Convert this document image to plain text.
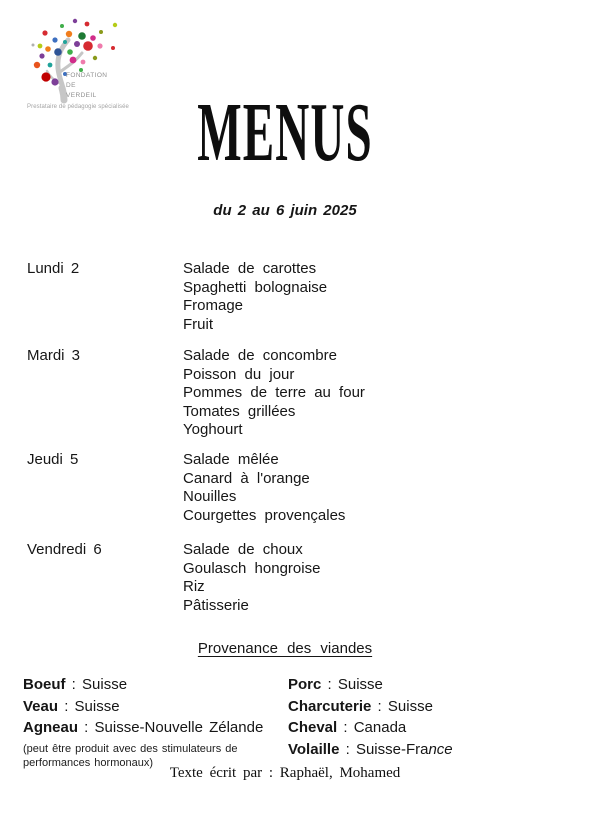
FONDATION
DE
VERDEIL
Prestataire de pédagogie spécialisée MENUS
du 2 au 6 juin 2025
Lundi 2	Salade de carottes
Spaghetti bolognaise
Fromage
Fruit
Mardi 3	Salade de concombre
Poisson du jour
Pommes de terre au four
Tomates grillées
Yoghourt
Jeudi 5	Salade mêlée
Canard à l'orange
Nouilles
Courgettes provençales
Vendredi 6	Salade de choux
Goulasch hongroise
Riz
Pâtisserie
Provenance des viandes
Boeuf : Suisse
Veau : Suisse
Agneau : Suisse-Nouvelle Zélande
(peut être produit avec des stimulateurs de
performances hormonaux)
Porc : Suisse
Charcuterie : Suisse
Cheval : Canada
Volaille : Suisse-France
Texte écrit par : Raphaël, Mohamed
